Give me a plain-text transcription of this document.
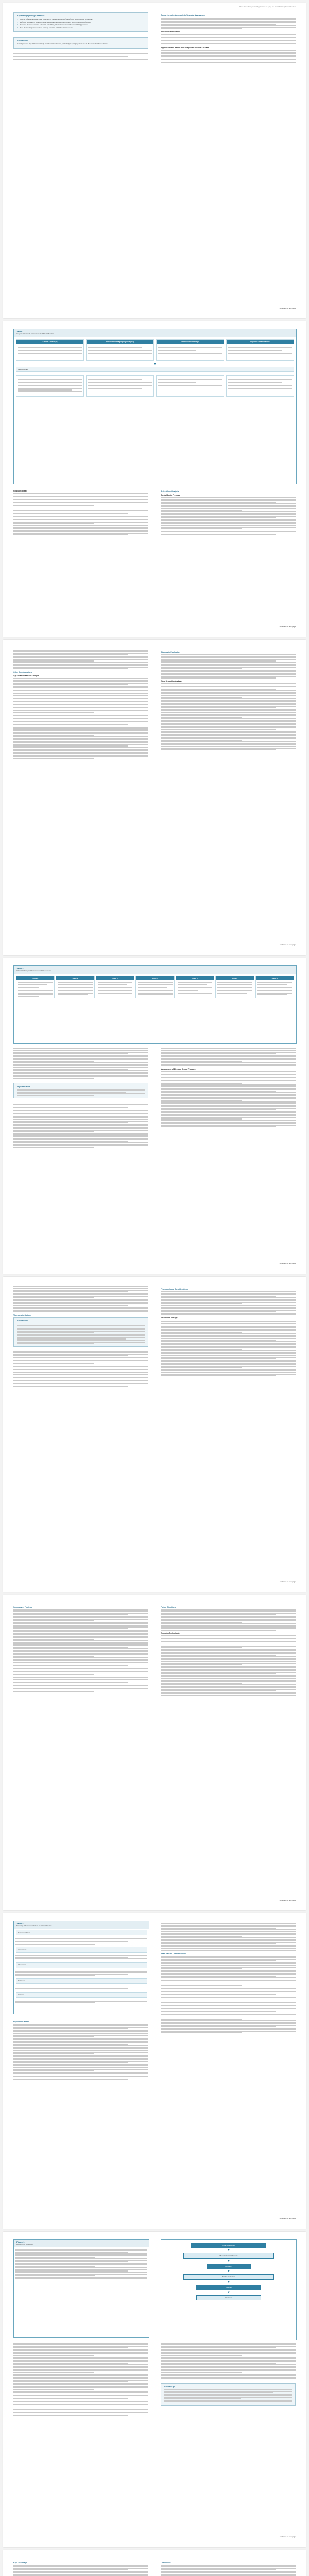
Pulse Wave Analysis and Applications in Aging and Heart Failure | Journal Review
Key Pathophysiologic Features
• Arterial stiffening increases pulse wave velocity and the amplitude of the reflected wave returning to the heart.
• Reflected waves arrive earlier in systole, augmenting central systolic pressure and left ventricular afterload.
• Increased afterload promotes concentric remodeling, impaired relaxation and elevated filling pressures.
• Loss of diastolic pressure reduces coronary perfusion and limits exercise reserve.
Clinical Tips

Central pressures may differ substantially from brachial cuff values, particularly in younger patients and in those treated with vasodilators.

Comprehensive Approach to Vascular Assessment
Indications for Referral
Approach to the Patient With Suspected Vascular Disease
continued on next page
Table 1
Integrated Approach to Assessment of Arterial Function
Clinical Context (1)	Biochemical/Imaging Adjuncts (2/3)	Diffusion/Vasoactive (4)	Regional Considerations
▼
Key Outcomes
Clinical Context	Pulse Wave Analysis
Central Aortic Pressure
continued on next page
Other Considerations
Age-Related Vascular Changes
Diagnostic Evaluation
Wave Separation Analysis
continued on next page
Table 2
Clinical Pathway and Recommended Interventions
Stage A	Stage B	Stage C	Stage D	Stage E	Stage F	Stage G
Important Note
Management of Elevated Central Pressure
continued on next page
Therapeutic Options
Clinical Tips
Pharmacologic Considerations
Vasodilator Therapy
continued on next page
Summary of Findings	Future Directions
Emerging Technologies
continued on next page
Table 3
Summary of Recommendations for Clinical Practice
Recommendation
Assessment
Intervention
Follow-up
Outcome
Population Health
Heart Failure Considerations
continued on next page
Figure 1
Algorithm for Evaluation	Initial Assessment
▼
Measure Central Pressure
▼
Elevated?
▼
Further Evaluation
▼
Treatment
▼
Reassess
Clinical Tips
continued on next page
Key Takeaways	Conclusion
